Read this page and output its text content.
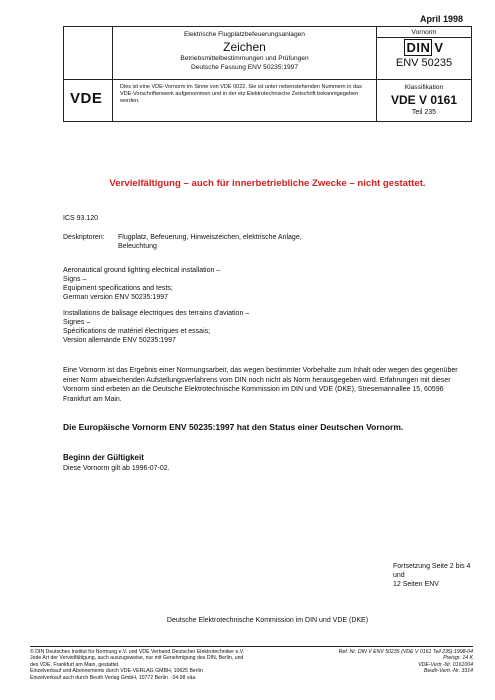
April 1998
Elektrische Flugplatzbefeuerungsanlagen
Zeichen
Betriebsmittelbestimmungen und Prüfungen
Deutsche Fassung ENV 50235:1997
Vornorm
DIN V
ENV 50235
VDE
Dies ist eine VDE-Vornorm im Sinne von VDE 0022. Sie ist unter nebenstehenden Nummern in das VDE-Vorschriftenwerk aufgenommen und in der etz Elektrotechnische Zeitschrift bekanntgegeben worden.
Klassifikation
VDE V 0161
Teil 235
Vervielfältigung – auch für innerbetriebliche Zwecke – nicht gestattet.
ICS 93.120
Deskriptoren: Flugplatz, Befeuerung, Hinweiszeichen, elektrische Anlage,
Beleuchtung
Aeronautical ground lighting electrical installation –
Signs –
Equipment specifications and tests;
German version ENV 50235:1997
Installations de balisage électriques des terrains d'aviation –
Signes –
Spécifications de matériel électriques et essais;
Version allemande ENV 50235:1997
Eine Vornorm ist das Ergebnis einer Normungsarbeit, das wegen bestimmter Vorbehalte zum Inhalt oder wegen des gegenüber einer Norm abweichenden Aufstellungsverfahrens vom DIN noch nicht als Norm herausgegeben wird. Erfahrungen mit dieser Vornorm sind erbeten an die Deutsche Elektrotechnische Kommission im DIN und VDE (DKE), Stresemannallee 15, 60596 Frankfurt am Main.
Die Europäische Vornorm ENV 50235:1997 hat den Status einer Deutschen Vornorm.
Beginn der Gültigkeit
Diese Vornorm gilt ab 1996-07-02.
Fortsetzung Seite 2 bis 4 und
12 Seiten ENV
Deutsche Elektrotechnische Kommission im DIN und VDE (DKE)
© DIN Deutsches Institut für Normung e.V. und VDE Verband Deutscher Elektrotechniker e.V.
Jede Art der Vervielfältigung, auch auszugsweise, nur mit Genehmigung des DIN, Berlin, und
des VDE, Frankfurt am Main, gestattet.
Einzelverkauf und Abonnements durch VDE-VERLAG GMBH, 10625 Berlin
Einzelverkauf auch durch Beuth Verlag GmbH, 10772 Berlin · 04.98 väa
Ref. Nr. DIN V ENV 50235 (VDE V 0161 Teil 235):1998-04
Preisgr. 14 K
VDE-Vertr.-Nr. 0161004
Beuth-Vertr.-Nr. 3314
